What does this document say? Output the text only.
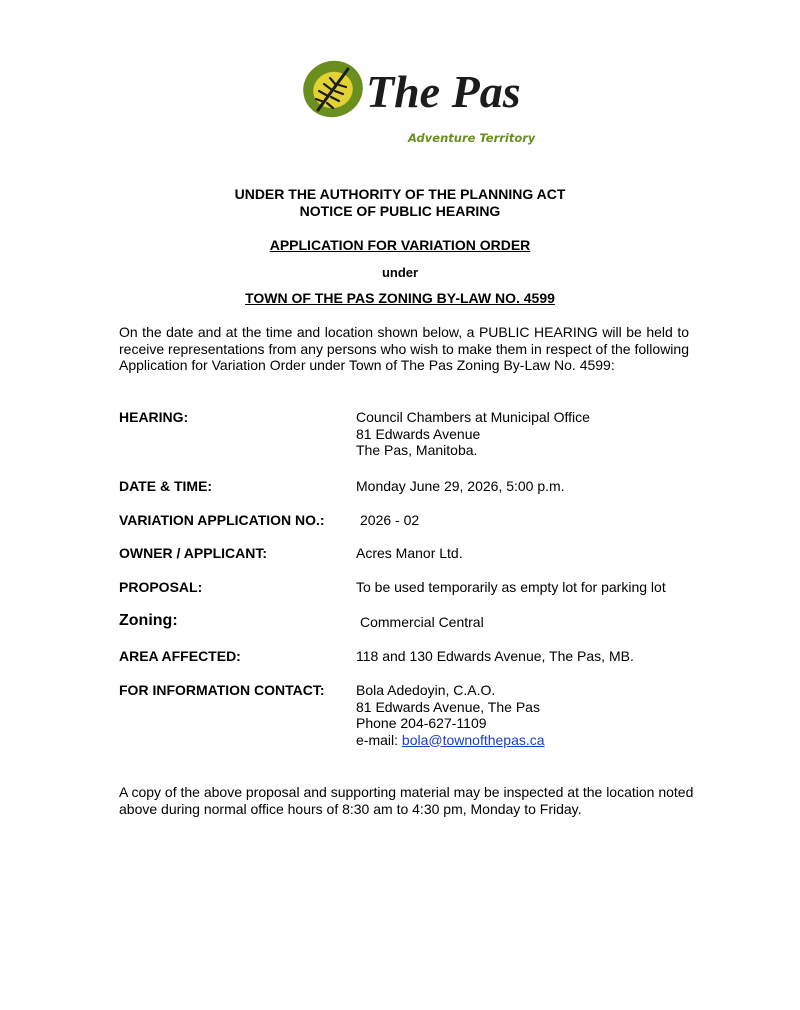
The Pas
Adventure Territory
UNDER THE AUTHORITY OF THE PLANNING ACT
NOTICE OF PUBLIC HEARING
APPLICATION FOR VARIATION ORDER
under
TOWN OF THE PAS ZONING BY-LAW NO. 4599
On the date and at the time and location shown below, a PUBLIC HEARING will be held to receive representations from any persons who wish to make them in respect of the following Application for Variation Order under Town of The Pas Zoning By-Law No. 4599:
HEARING:	Council Chambers at Municipal Office
81 Edwards Avenue
The Pas, Manitoba.
DATE & TIME:	Monday June 29, 2026, 5:00 p.m.
VARIATION APPLICATION NO.:	2026 - 02
OWNER / APPLICANT:	Acres Manor Ltd.
PROPOSAL:	To be used temporarily as empty lot for parking lot
Zoning:	Commercial Central
AREA AFFECTED:	118 and 130 Edwards Avenue, The Pas, MB.
FOR INFORMATION CONTACT: Bola Adedoyin, C.A.O.
81 Edwards Avenue, The Pas
Phone 204-627-1109
e-mail: bola@townofthepas.ca
A copy of the above proposal and supporting material may be inspected at the location noted above during normal office hours of 8:30 am to 4:30 pm, Monday to Friday.
